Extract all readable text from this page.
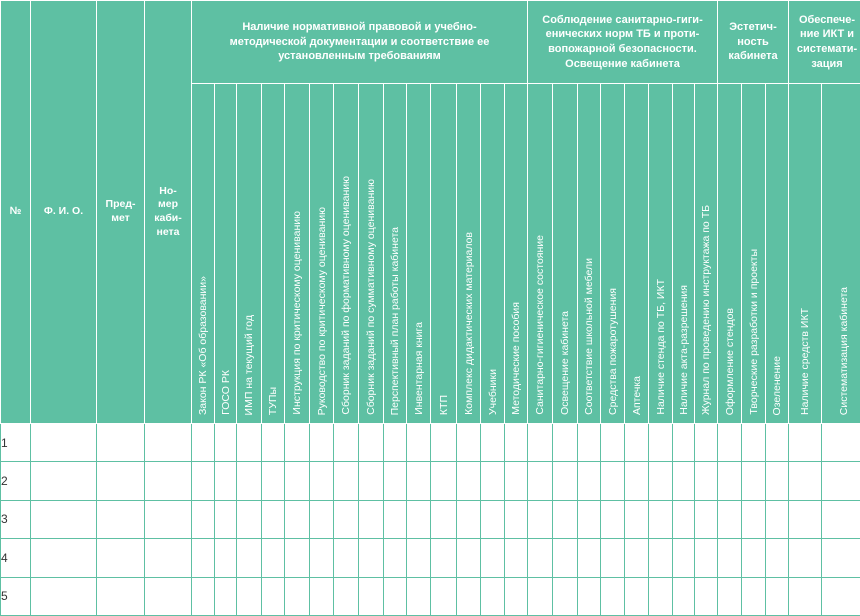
№	Ф. И. О.	Пред-мет	Но-мер каби-нета	Наличие нормативной правовой и учебно-методической документации и соответствие ее установленным требованиям														Соблюдение санитарно-гиги-енических норм ТБ и проти-вопожарной безопасности. Освещение кабинета								Эстетич-ность кабинета			Обеспече-ние ИКТ и системати-зация	

				Закон РК «Об образовании»	ГОСО РК	ИМП на текущий год	ТУПы	Инструкция по критическому оцениванию	Руководство по критическому оцениванию	Сборник заданий по формативному оцениванию	Сборник заданий по суммативному оцениванию	Перспективный план работы кабинета	Инвентарная книга	КТП	Комплекс дидактических материалов	Учебники	Методические пособия	Санитарно-гигиеническое состояние	Освещение кабинета	Соответствие школьной мебели	Средства пожаротушения	Аптечка	Наличие стенда по ТБ, ИКТ	Наличие акта-разрешения	Журнал по проведению инструктажа по ТБ	Оформление стендов	Творческие разработки и проекты	Озеленение	Наличие средств ИКТ	Систематизация кабинета

1																														
2																														
3																														
4																														
5																														
